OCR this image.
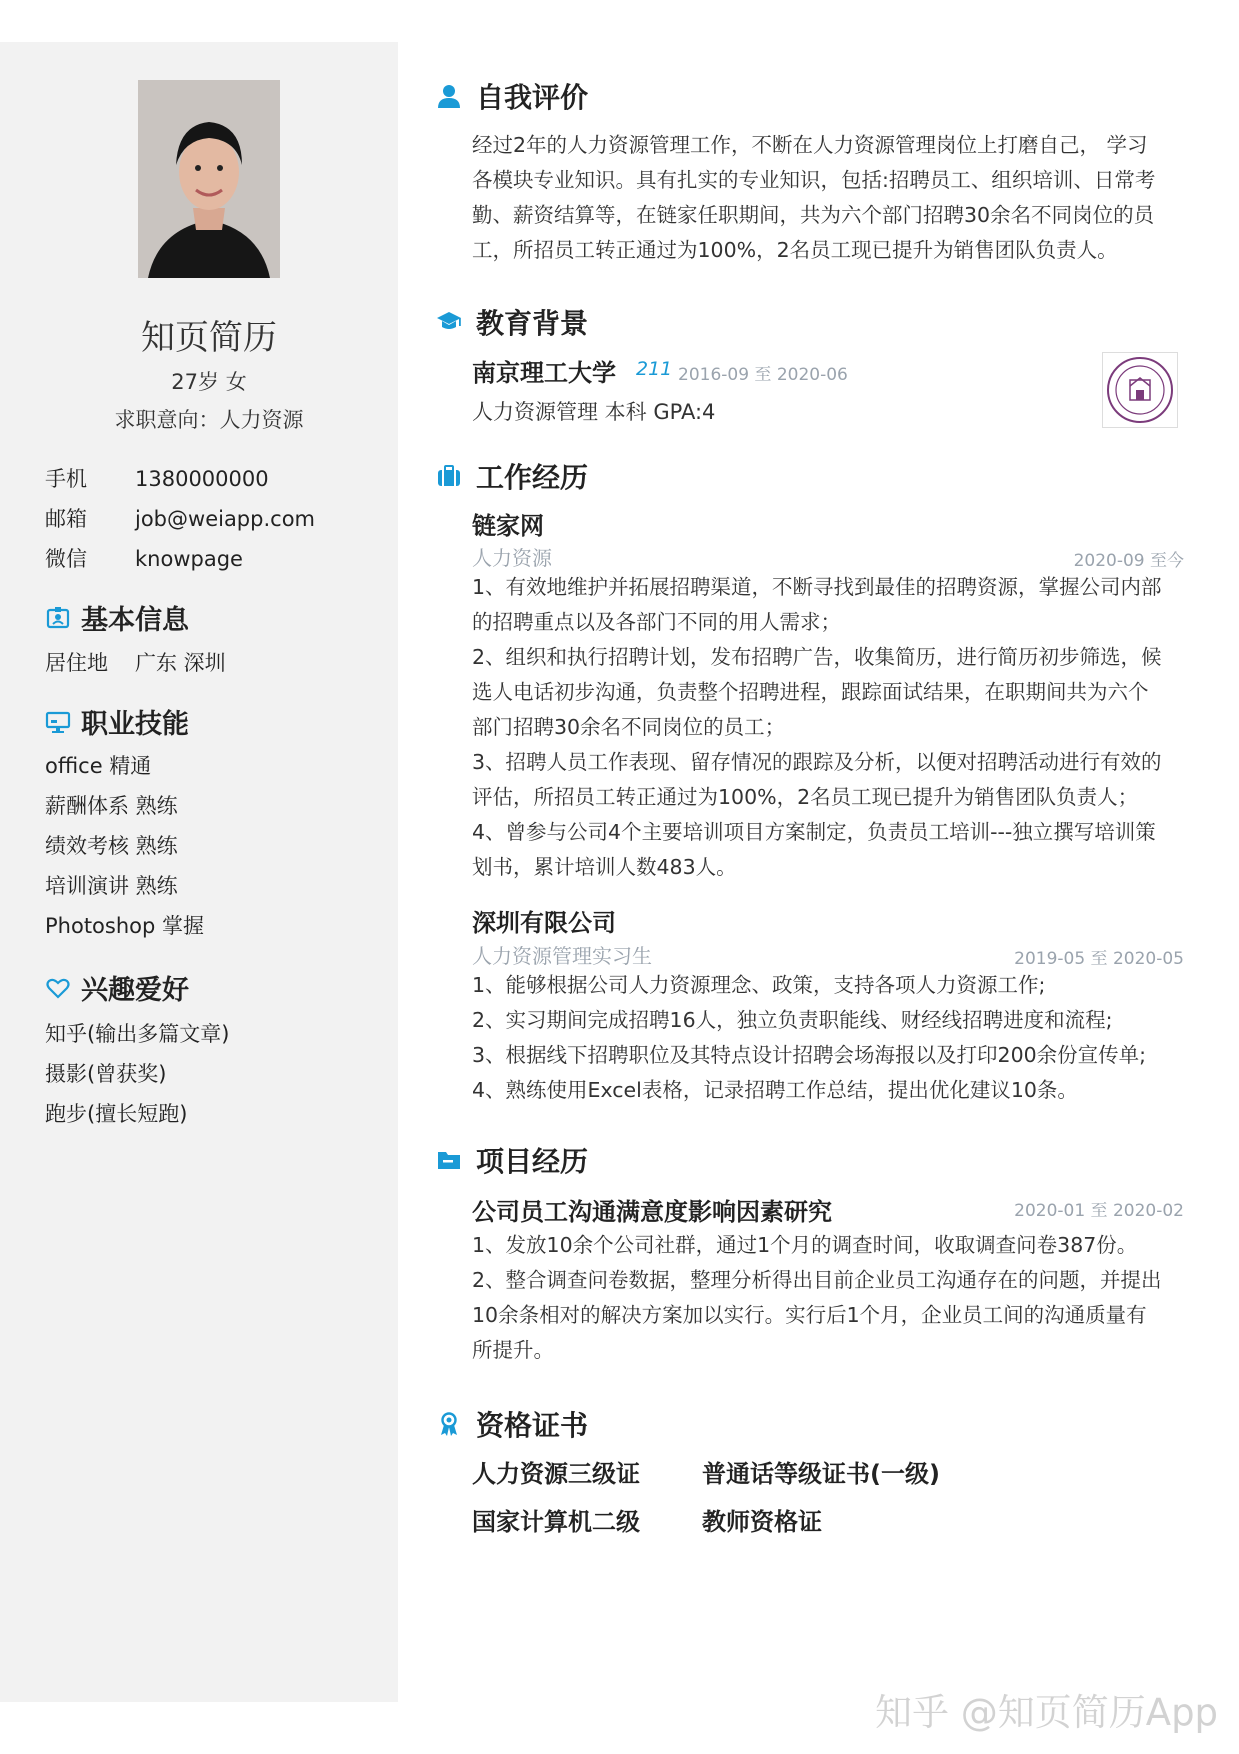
知页简历
27岁 女
求职意向：人力资源
手机 1380000000
邮箱 job@weiapp.com
微信 knowpage
基本信息
居住地 广东 深圳
职业技能
office 精通
薪酬体系 熟练
绩效考核 熟练
培训演讲 熟练
Photoshop 掌握
兴趣爱好
知乎(输出多篇文章)
摄影(曾获奖)
跑步(擅长短跑)
自我评价
经过2年的人力资源管理工作，不断在人力资源管理岗位上打磨自己， 学习
各模块专业知识。具有扎实的专业知识，包括:招聘员工、组织培训、日常考
勤、薪资结算等，在链家任职期间，共为六个部门招聘30余名不同岗位的员
工，所招员工转正通过为100%，2名员工现已提升为销售团队负责人。
教育背景
南京理工大学 211 2016-09 至 2020-06
人力资源管理 本科 GPA:4
工作经历
链家网
人力资源	2020-09 至今
1、有效地维护并拓展招聘渠道，不断寻找到最佳的招聘资源，掌握公司内部
的招聘重点以及各部门不同的用人需求；
2、组织和执行招聘计划，发布招聘广告，收集简历，进行简历初步筛选，候
选人电话初步沟通，负责整个招聘进程，跟踪面试结果，在职期间共为六个
部门招聘30余名不同岗位的员工；
3、招聘人员工作表现、留存情况的跟踪及分析，以便对招聘活动进行有效的
评估，所招员工转正通过为100%，2名员工现已提升为销售团队负责人；
4、曾参与公司4个主要培训项目方案制定，负责员工培训---独立撰写培训策
划书，累计培训人数483人。
深圳有限公司
人力资源管理实习生	2019-05 至 2020-05
1、能够根据公司人力资源理念、政策，支持各项人力资源工作;
2、实习期间完成招聘16人，独立负责职能线、财经线招聘进度和流程;
3、根据线下招聘职位及其特点设计招聘会场海报以及打印200余份宣传单;
4、熟练使用Excel表格，记录招聘工作总结，提出优化建议10条。
项目经历
公司员工沟通满意度影响因素研究	2020-01 至 2020-02
1、发放10余个公司社群，通过1个月的调查时间，收取调查问卷387份。
2、整合调查问卷数据，整理分析得出目前企业员工沟通存在的问题，并提出
10余条相对的解决方案加以实行。实行后1个月，企业员工间的沟通质量有
所提升。
资格证书
人力资源三级证	普通话等级证书(一级)
国家计算机二级	教师资格证
知乎 @知页简历App
